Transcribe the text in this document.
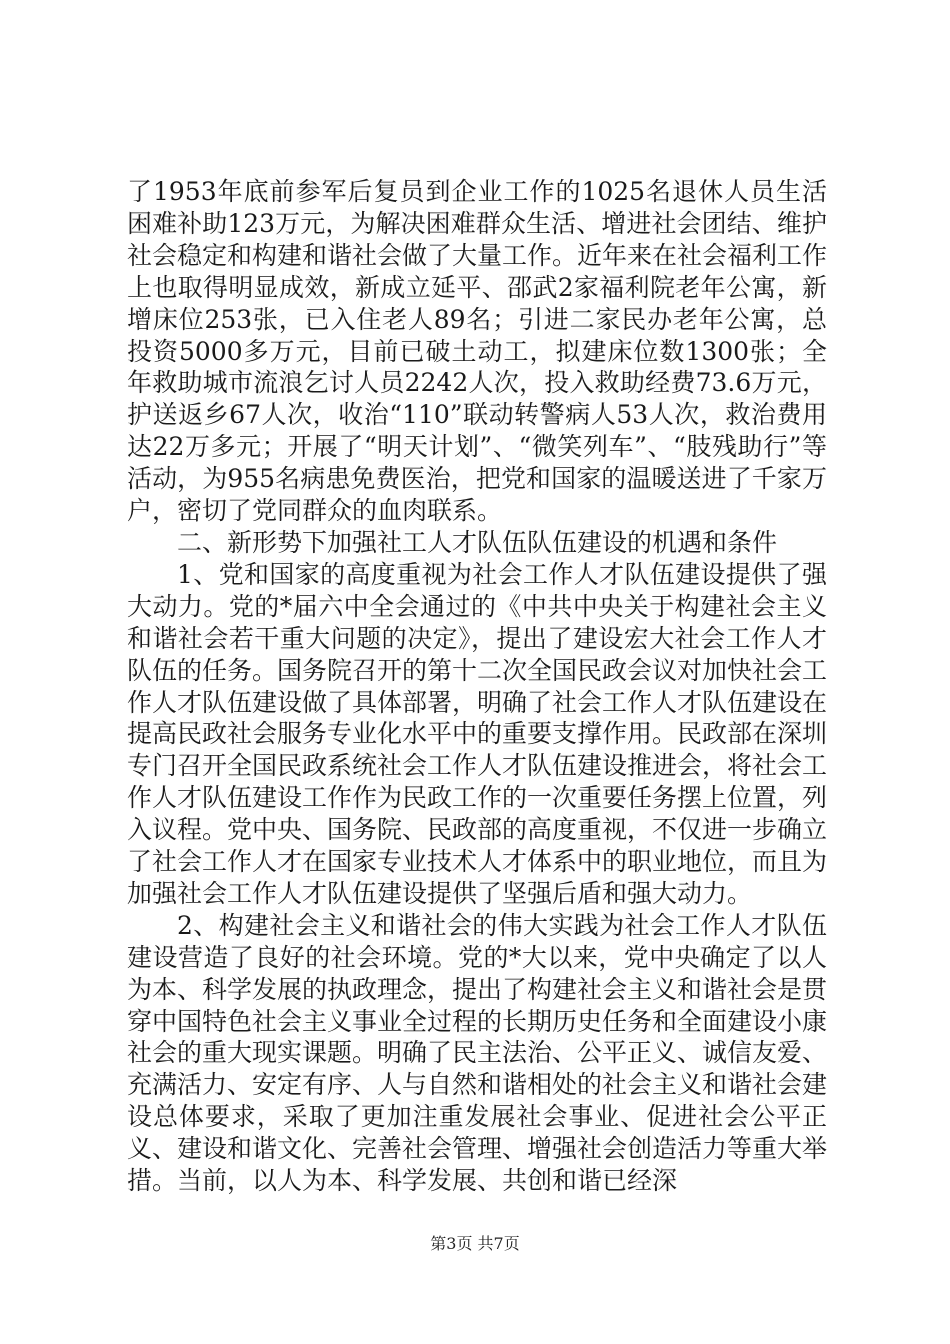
了1953年底前参军后复员到企业工作的1025名退休人员生活困难补助123万元，为解决困难群众生活、增进社会团结、维护社会稳定和构建和谐社会做了大量工作。近年来在社会福利工作上也取得明显成效，新成立延平、邵武2家福利院老年公寓，新增床位253张，已入住老人89名；引进二家民办老年公寓，总投资5000多万元，目前已破土动工，拟建床位数1300张；全年救助城市流浪乞讨人员2242人次，投入救助经费73.6万元，护送返乡67人次，收治“110”联动转警病人53人次，救治费用达22万多元；开展了“明天计划”、“微笑列车”、“肢残助行”等活动，为955名病患免费医治，把党和国家的温暖送进了千家万户，密切了党同群众的血肉联系。

二、新形势下加强社工人才队伍队伍建设的机遇和条件

1、党和国家的高度重视为社会工作人才队伍建设提供了强大动力。党的*届六中全会通过的《中共中央关于构建社会主义和谐社会若干重大问题的决定》，提出了建设宏大社会工作人才队伍的任务。国务院召开的第十二次全国民政会议对加快社会工作人才队伍建设做了具体部署，明确了社会工作人才队伍建设在提高民政社会服务专业化水平中的重要支撑作用。民政部在深圳专门召开全国民政系统社会工作人才队伍建设推进会，将社会工作人才队伍建设工作作为民政工作的一次重要任务摆上位置，列入议程。党中央、国务院、民政部的高度重视，不仅进一步确立了社会工作人才在国家专业技术人才体系中的职业地位，而且为加强社会工作人才队伍建设提供了坚强后盾和强大动力。

2、构建社会主义和谐社会的伟大实践为社会工作人才队伍建设营造了良好的社会环境。党的*大以来，党中央确定了以人为本、科学发展的执政理念，提出了构建社会主义和谐社会是贯穿中国特色社会主义事业全过程的长期历史任务和全面建设小康社会的重大现实课题。明确了民主法治、公平正义、诚信友爱、充满活力、安定有序、人与自然和谐相处的社会主义和谐社会建设总体要求，采取了更加注重发展社会事业、促进社会公平正义、建设和谐文化、完善社会管理、增强社会创造活力等重大举措。当前，以人为本、科学发展、共创和谐已经深

第3页 共7页
